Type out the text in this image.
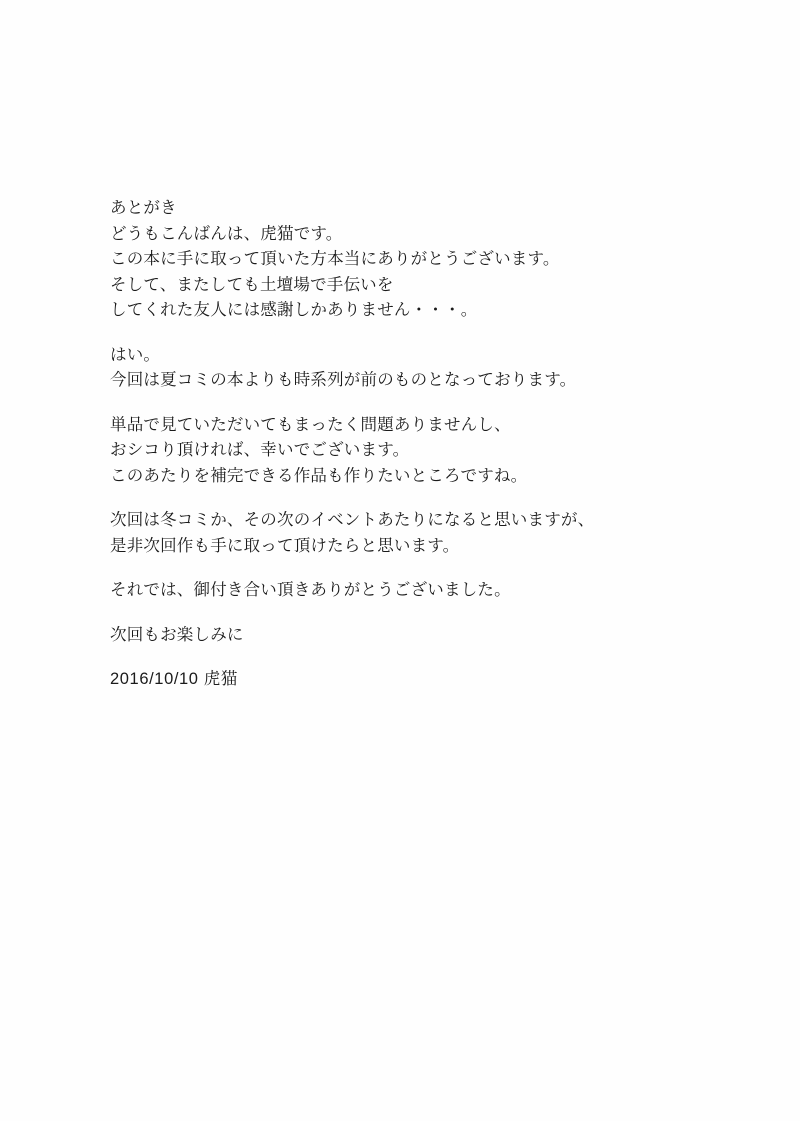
あとがき
どうもこんばんは、虎猫です。
この本に手に取って頂いた方本当にありがとうございます。
そして、またしても土壇場で手伝いを
してくれた友人には感謝しかありません・・・。
はい。
今回は夏コミの本よりも時系列が前のものとなっております。
単品で見ていただいてもまったく問題ありませんし、
おシコり頂ければ、幸いでございます。
このあたりを補完できる作品も作りたいところですね。
次回は冬コミか、その次のイベントあたりになると思いますが、
是非次回作も手に取って頂けたらと思います。
それでは、御付き合い頂きありがとうございました。
次回もお楽しみに
2016/10/10 虎猫
